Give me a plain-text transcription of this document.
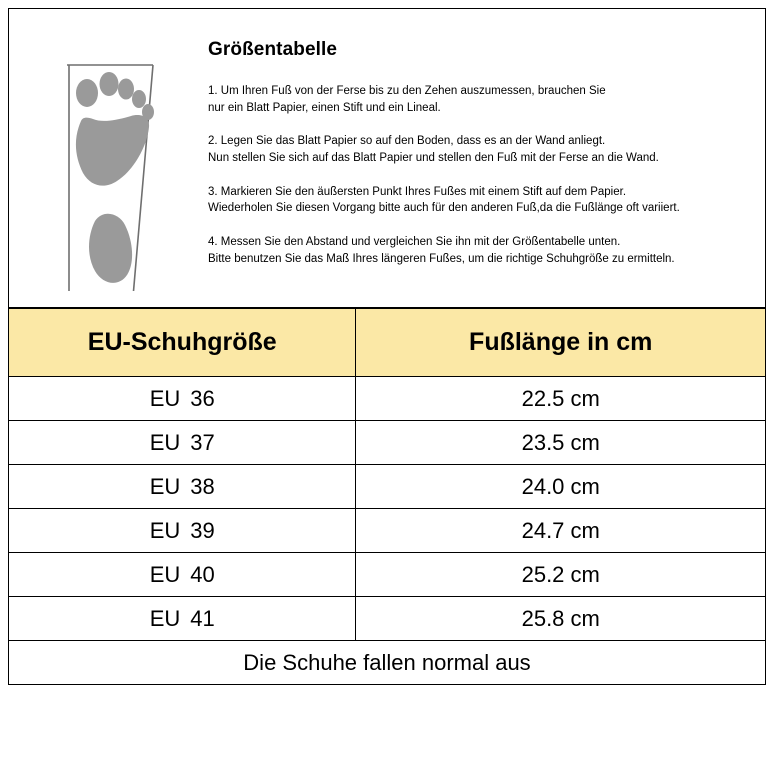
Größentabelle
1. Um Ihren Fuß von der Ferse bis zu den Zehen auszumessen, brauchen Sie
nur ein Blatt Papier, einen Stift und ein Lineal.
2. Legen Sie das Blatt Papier so auf den Boden, dass es an der Wand anliegt.
Nun stellen Sie sich auf das Blatt Papier und stellen den Fuß mit der Ferse an die Wand.
3. Markieren Sie den äußersten Punkt Ihres Fußes mit einem Stift auf dem Papier.
Wiederholen Sie diesen Vorgang bitte auch für den anderen Fuß,da die Fußlänge oft variiert.
4. Messen Sie den Abstand und vergleichen Sie ihn mit der Größentabelle unten.
Bitte benutzen Sie das Maß Ihres längeren Fußes, um die richtige Schuhgröße zu ermitteln.
EU-Schuhgröße	Fußlänge in cm
EU 36	22.5 cm
EU 37	23.5 cm
EU 38	24.0 cm
EU 39	24.7 cm
EU 40	25.2 cm
EU 41	25.8 cm
Die Schuhe fallen normal aus	
